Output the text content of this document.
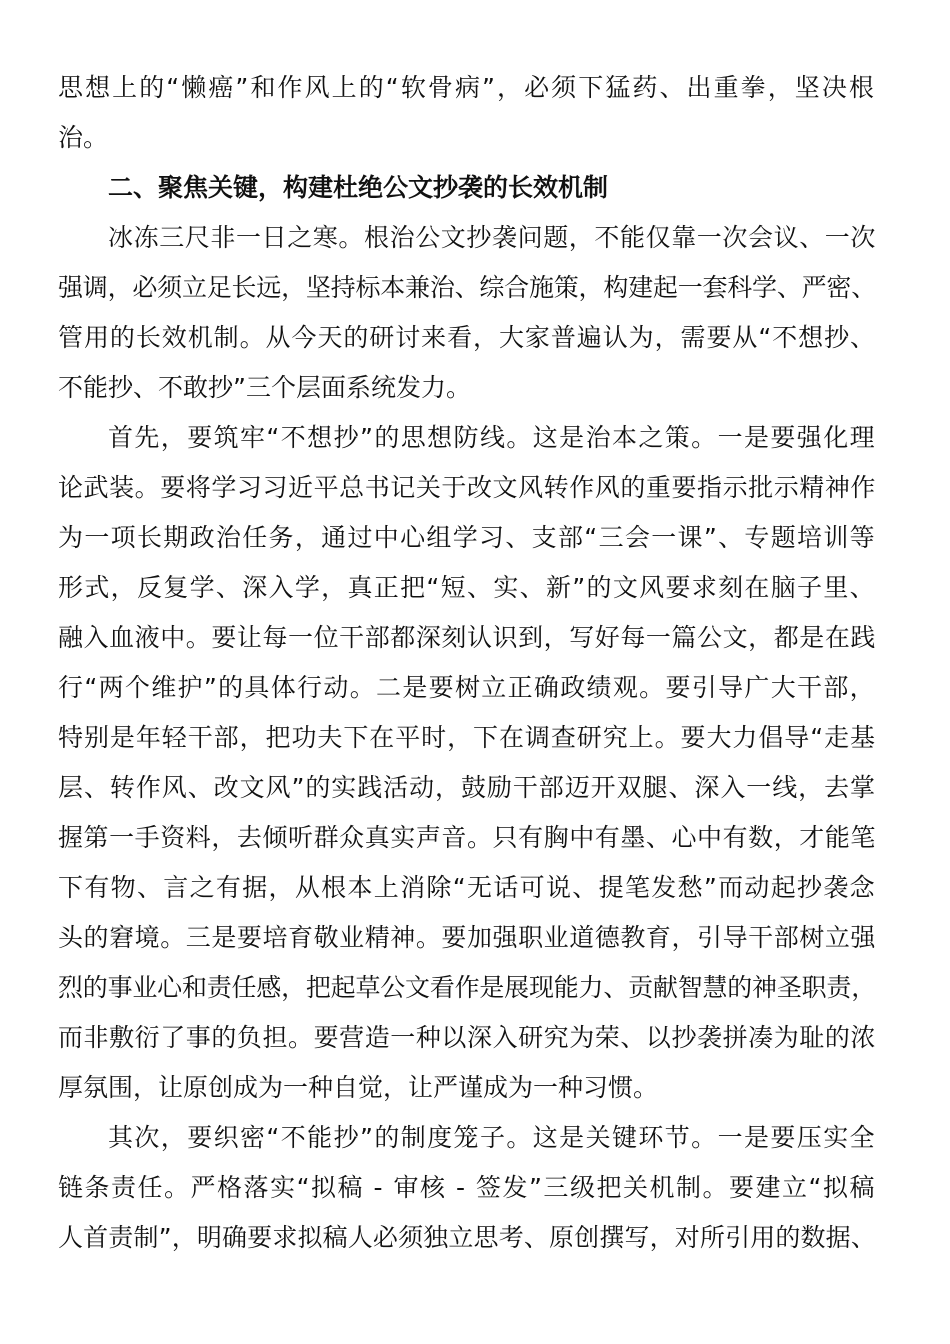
思想上的“懒癌”和作风上的“软骨病”，必须下猛药、出重拳，坚决根
治。
二、聚焦关键，构建杜绝公文抄袭的长效机制
冰冻三尺非一日之寒。根治公文抄袭问题，不能仅靠一次会议、一次
强调，必须立足长远，坚持标本兼治、综合施策，构建起一套科学、严密、
管用的长效机制。从今天的研讨来看，大家普遍认为，需要从“不想抄、
不能抄、不敢抄”三个层面系统发力。
首先，要筑牢“不想抄”的思想防线。这是治本之策。一是要强化理
论武装。要将学习习近平总书记关于改文风转作风的重要指示批示精神作
为一项长期政治任务，通过中心组学习、支部“三会一课”、专题培训等
形式，反复学、深入学，真正把“短、实、新”的文风要求刻在脑子里、
融入血液中。要让每一位干部都深刻认识到，写好每一篇公文，都是在践
行“两个维护”的具体行动。二是要树立正确政绩观。要引导广大干部，
特别是年轻干部，把功夫下在平时，下在调查研究上。要大力倡导“走基
层、转作风、改文风”的实践活动，鼓励干部迈开双腿、深入一线，去掌
握第一手资料，去倾听群众真实声音。只有胸中有墨、心中有数，才能笔
下有物、言之有据，从根本上消除“无话可说、提笔发愁”而动起抄袭念
头的窘境。三是要培育敬业精神。要加强职业道德教育，引导干部树立强
烈的事业心和责任感，把起草公文看作是展现能力、贡献智慧的神圣职责，
而非敷衍了事的负担。要营造一种以深入研究为荣、以抄袭拼凑为耻的浓
厚氛围，让原创成为一种自觉，让严谨成为一种习惯。
其次，要织密“不能抄”的制度笼子。这是关键环节。一是要压实全
链条责任。严格落实“拟稿 - 审核 - 签发”三级把关机制。要建立“拟稿
人首责制”，明确要求拟稿人必须独立思考、原创撰写，对所引用的数据、
